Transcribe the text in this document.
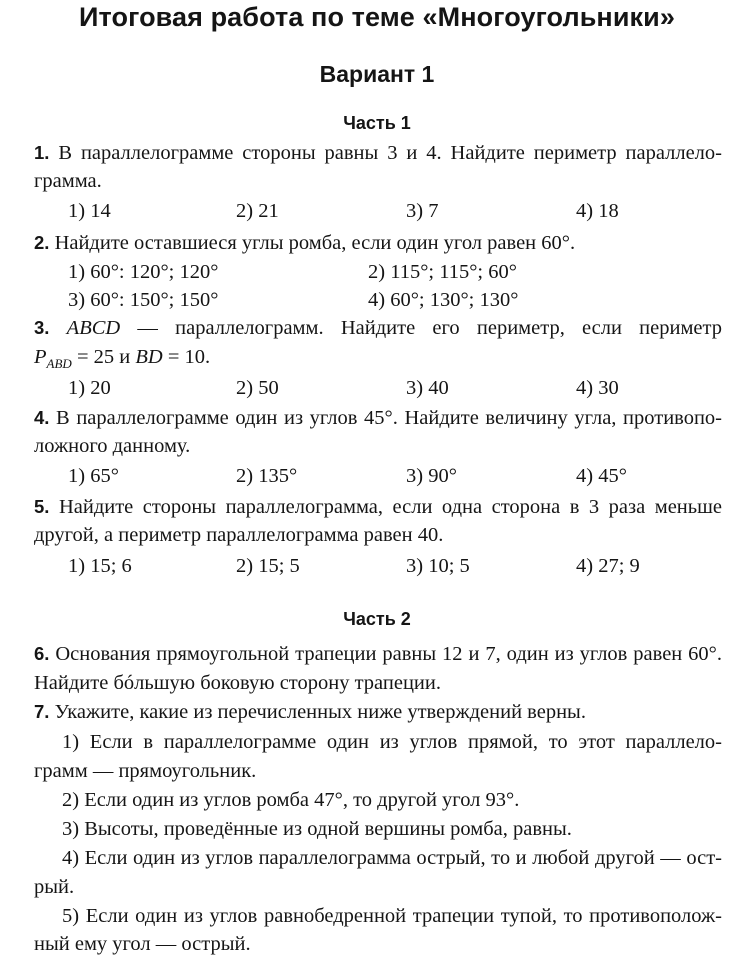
Итоговая работа по теме «Многоугольники»
Вариант 1
Часть 1
1. В параллелограмме стороны равны 3 и 4. Найдите периметр параллело-
грамма.
1) 14	2) 21	3) 7	4) 18
2. Найдите оставшиеся углы ромба, если один угол равен 60°.
1) 60°: 120°; 120°	2) 115°; 115°; 60°
3) 60°: 150°; 150°	4) 60°; 130°; 130°
3. ABCD — параллелограмм. Найдите его периметр, если периметр
$P_{ABD} = 25$ и BD = 10.
1) 20	2) 50	3) 40	4) 30
4. В параллелограмме один из углов 45°. Найдите величину угла, противопо-
ложного данному.
1) 65°	2) 135°	3) 90°	4) 45°
5. Найдите стороны параллелограмма, если одна сторона в 3 раза меньше
другой, а периметр параллелограмма равен 40.
1) 15; 6	2) 15; 5	3) 10; 5	4) 27; 9
Часть 2
6. Основания прямоугольной трапеции равны 12 и 7, один из углов равен 60°.
Найдите бóльшую боковую сторону трапеции.
7. Укажите, какие из перечисленных ниже утверждений верны.
1) Если в параллелограмме один из углов прямой, то этот параллело-
грамм — прямоугольник.
2) Если один из углов ромба 47°, то другой угол 93°.
3) Высоты, проведённые из одной вершины ромба, равны.
4) Если один из углов параллелограмма острый, то и любой другой — ост-
рый.
5) Если один из углов равнобедренной трапеции тупой, то противополож-
ный ему угол — острый.
